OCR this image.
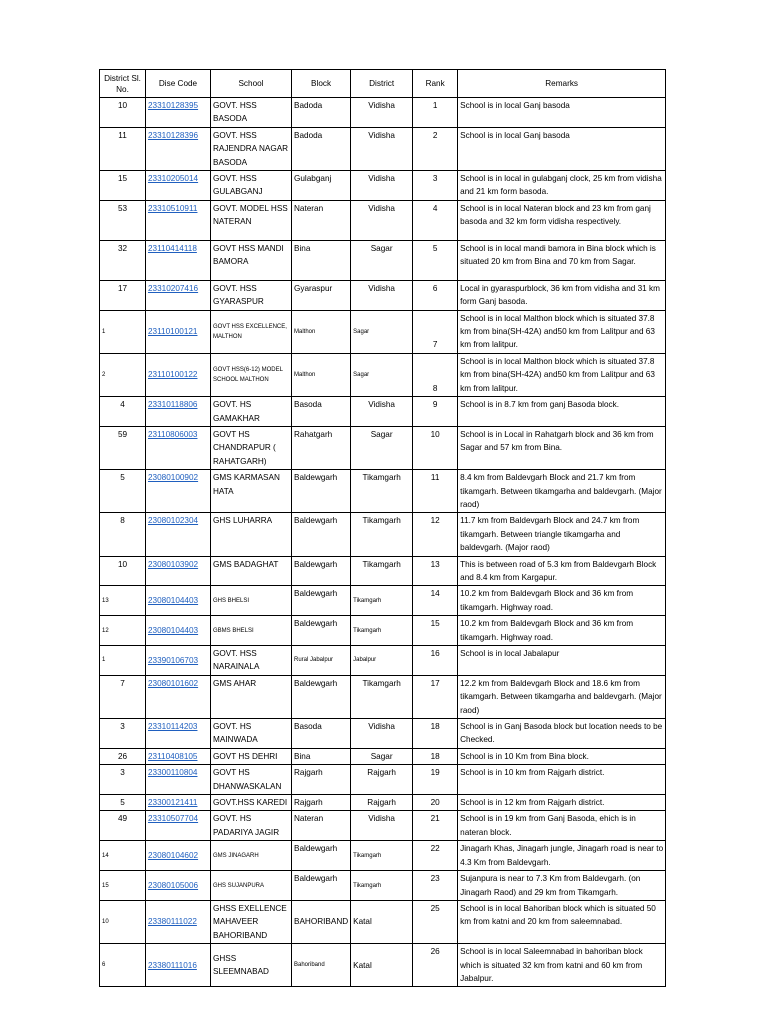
District Sl. No.	Dise Code	School	Block	District	Rank	Remarks
10	23310128395	GOVT. HSS BASODA	Badoda	Vidisha	1	School is in local Ganj basoda
11	23310128396	GOVT. HSS RAJENDRA NAGAR BASODA	Badoda	Vidisha	2	School is in local Ganj basoda
15	23310205014	GOVT. HSS GULABGANJ	Gulabganj	Vidisha	3	School is in local in gulabganj clock, 25 km from vidisha and 21 km form basoda.
53	23310510911	GOVT. MODEL HSS NATERAN	Nateran	Vidisha	4	School is in local Nateran block and 23 km from ganj basoda and 32 km form vidisha respectively.
32	23110414118	GOVT HSS MANDI BAMORA	Bina	Sagar	5	School is in local mandi bamora in Bina block which is situated 20 km from Bina and 70 km from Sagar.
17	23310207416	GOVT. HSS GYARASPUR	Gyaraspur	Vidisha	6	Local in gyaraspurblock, 36 km from vidisha and 31 km form Ganj basoda.
1	23110100121	GOVT HSS EXCELLENCE, MALTHON	Malthon	Sagar	7	School is in local Malthon block which is situated 37.8 km from bina(SH-42A) and50 km from Lalitpur and 63 km from lalitpur.
2	23110100122	GOVT HSS(6-12) MODEL SCHOOL MALTHON	Malthon	Sagar	8	School is in local Malthon block which is situated 37.8 km from bina(SH-42A) and50 km from Lalitpur and 63 km from lalitpur.
4	23310118806	GOVT. HS GAMAKHAR	Basoda	Vidisha	9	School is in 8.7 km from ganj Basoda block.
59	23110806003	GOVT HS CHANDRAPUR ( RAHATGARH)	Rahatgarh	Sagar	10	School is in Local in Rahatgarh block and 36 km from Sagar and 57 km from Bina.
5	23080100902	GMS KARMASAN HATA	Baldewgarh	Tikamgarh	11	8.4 km from Baldevgarh Block and 21.7 km from tikamgarh. Between tikamgarha and baldevgarh. (Major raod)
8	23080102304	GHS LUHARRA	Baldewgarh	Tikamgarh	12	11.7 km from Baldevgarh Block and 24.7 km from tikamgarh. Between triangle tikamgarha and baldevgarh. (Major raod)
10	23080103902	GMS BADAGHAT	Baldewgarh	Tikamgarh	13	This is between road of 5.3 km from Baldevgarh Block and 8.4 km from Kargapur.
13	23080104403	GHS BHELSI	Baldewgarh	Tikamgarh	14	10.2 km from Baldevgarh Block and 36 km from tikamgarh. Highway road.
12	23080104403	GBMS BHELSI	Baldewgarh	Tikamgarh	15	10.2 km from Baldevgarh Block and 36 km from tikamgarh. Highway road.
1	23390106703	GOVT. HSS NARAINALA	Rural Jabalpur	Jabalpur	16	School is in local Jabalapur
7	23080101602	GMS AHAR	Baldewgarh	Tikamgarh	17	12.2 km from Baldevgarh Block and 18.6 km from tikamgarh. Between tikamgarha and baldevgarh. (Major raod)
3	23310114203	GOVT. HS MAINWADA	Basoda	Vidisha	18	School is in Ganj Basoda block but location needs to be Checked.
26	23110408105	GOVT HS DEHRI	Bina	Sagar	18	School is in 10 Km from Bina block.
3	23300110804	GOVT HS DHANWASKALAN	Rajgarh	Rajgarh	19	School is in 10 km from Rajgarh district.
5	23300121411	GOVT.HSS KAREDI	Rajgarh	Rajgarh	20	School is in 12 km from Rajgarh district.
49	23310507704	GOVT. HS PADARIYA JAGIR	Nateran	Vidisha	21	School is in 19 km from Ganj Basoda, ehich is in nateran block.
14	23080104602	GMS JINAGARH	Baldewgarh	Tikamgarh	22	Jinagarh Khas, Jinagarh jungle, Jinagarh road is near to 4.3 Km from Baldevgarh.
15	23080105006	GHS SUJANPURA	Baldewgarh	Tikamgarh	23	Sujanpura is near to 7.3 Km from Baldevgarh. (on Jinagarh Raod) and 29 km from Tikamgarh.
10	23380111022	GHSS EXELLENCE MAHAVEER BAHORIBAND	BAHORIBAND	Katal	25	School is in local Bahoriban block which is situated 50 km from katni and 20 km from saleemnabad.
6	23380111016	GHSS SLEEMNABAD	Bahoriband	Katal	26	School is in local Saleemnabad in bahoriban block which is situated 32 km from katni and 60 km from Jabalpur.
